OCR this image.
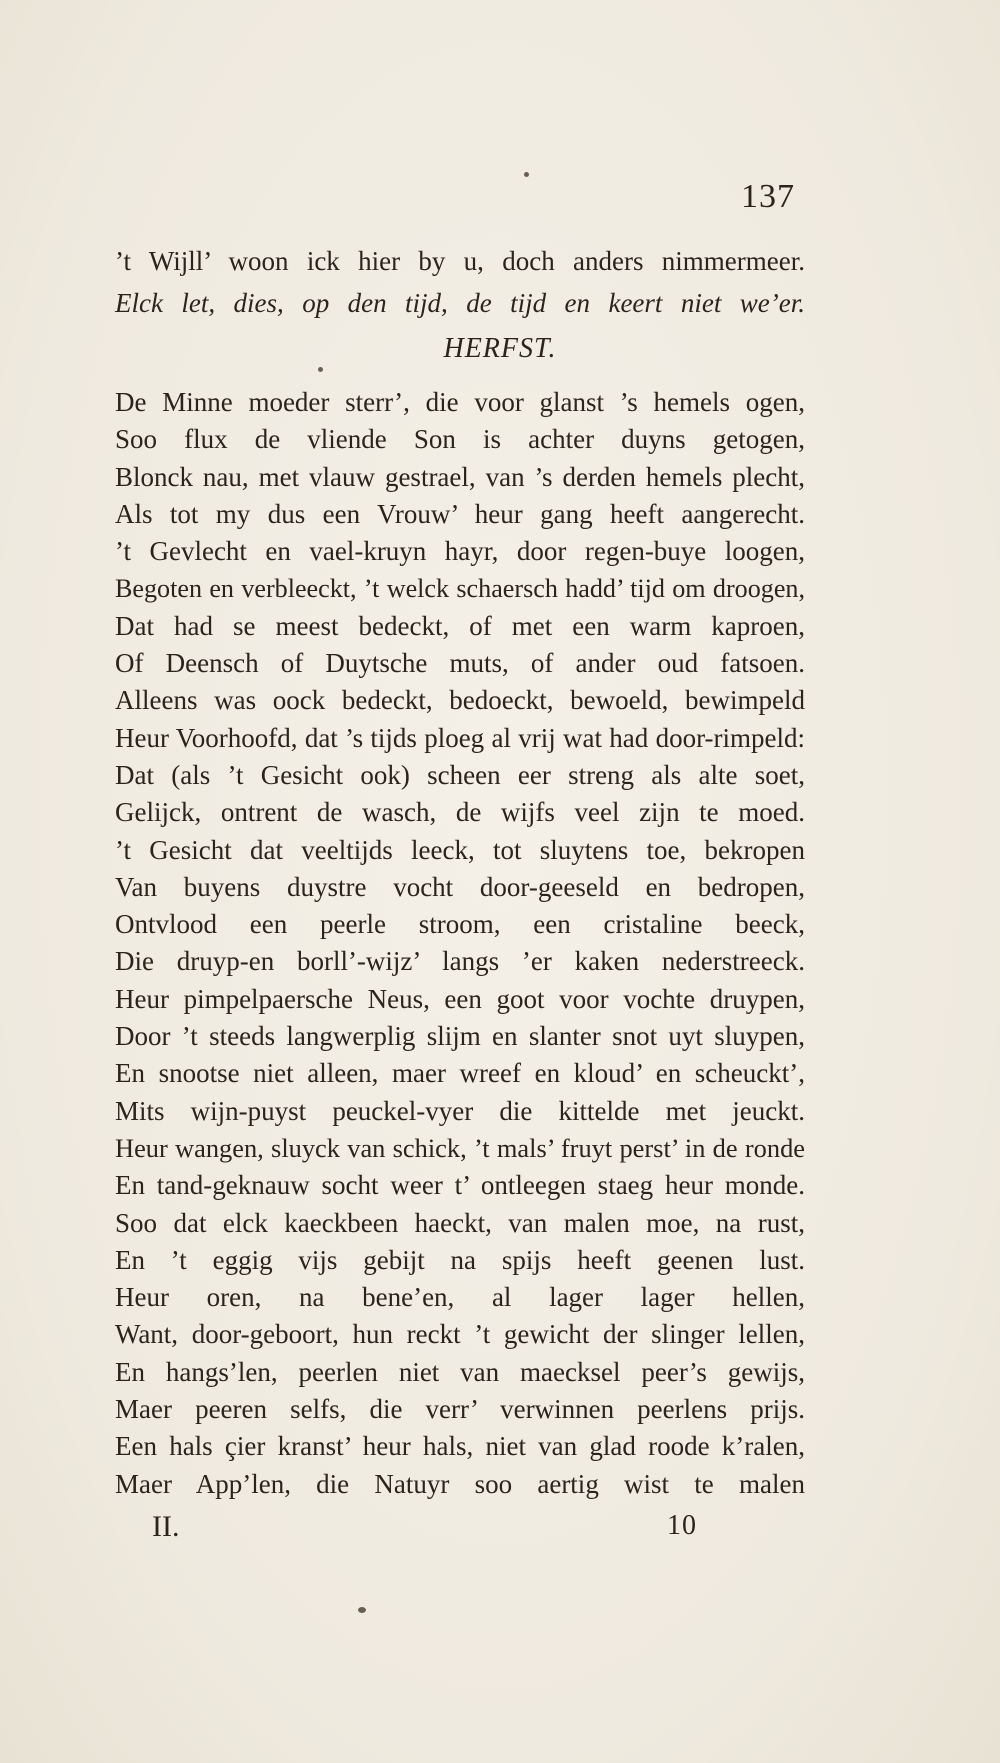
137
’t Wijll’ woon ick hier by u, doch anders nimmermeer.
Elck let, dies, op den tijd, de tijd en keert niet we’er.
HERFST.
De Minne moeder sterr’, die voor glanst ’s hemels ogen,
Soo flux de vliende Son is achter duyns getogen,
Blonck nau, met vlauw gestrael, van ’s derden hemels plecht,
Als tot my dus een Vrouw’ heur gang heeft aangerecht.
’t Gevlecht en vael-kruyn hayr, door regen-buye loogen,
Begoten en verbleeckt, ’t welck schaersch hadd’ tijd om droogen,
Dat had se meest bedeckt, of met een warm kaproen,
Of Deensch of Duytsche muts, of ander oud fatsoen.
Alleens was oock bedeckt, bedoeckt, bewoeld, bewimpeld
Heur Voorhoofd, dat ’s tijds ploeg al vrij wat had door-rimpeld:
Dat (als ’t Gesicht ook) scheen eer streng als alte soet,
Gelijck, ontrent de wasch, de wijfs veel zijn te moed.
’t Gesicht dat veeltijds leeck, tot sluytens toe, bekropen
Van buyens duystre vocht door-geeseld en bedropen,
Ontvlood een peerle stroom, een cristaline beeck,
Die druyp-en borll’-wijz’ langs ’er kaken nederstreeck.
Heur pimpelpaersche Neus, een goot voor vochte druypen,
Door ’t steeds langwerplig slijm en slanter snot uyt sluypen,
En snootse niet alleen, maer wreef en kloud’ en scheuckt’,
Mits wijn-puyst peuckel-vyer die kittelde met jeuckt.
Heur wangen, sluyck van schick, ’t mals’ fruyt perst’ in de ronde
En tand-geknauw socht weer t’ ontleegen staeg heur monde.
Soo dat elck kaeckbeen haeckt, van malen moe, na rust,
En ’t eggig vijs gebijt na spijs heeft geenen lust.
Heur oren, na bene’en, al lager lager hellen,
Want, door-geboort, hun reckt ’t gewicht der slinger lellen,
En hangs’len, peerlen niet van maecksel peer’s gewijs,
Maer peeren selfs, die verr’ verwinnen peerlens prijs.
Een hals çier kranst’ heur hals, niet van glad roode k’ralen,
Maer App’len, die Natuyr soo aertig wist te malen
II.	10
